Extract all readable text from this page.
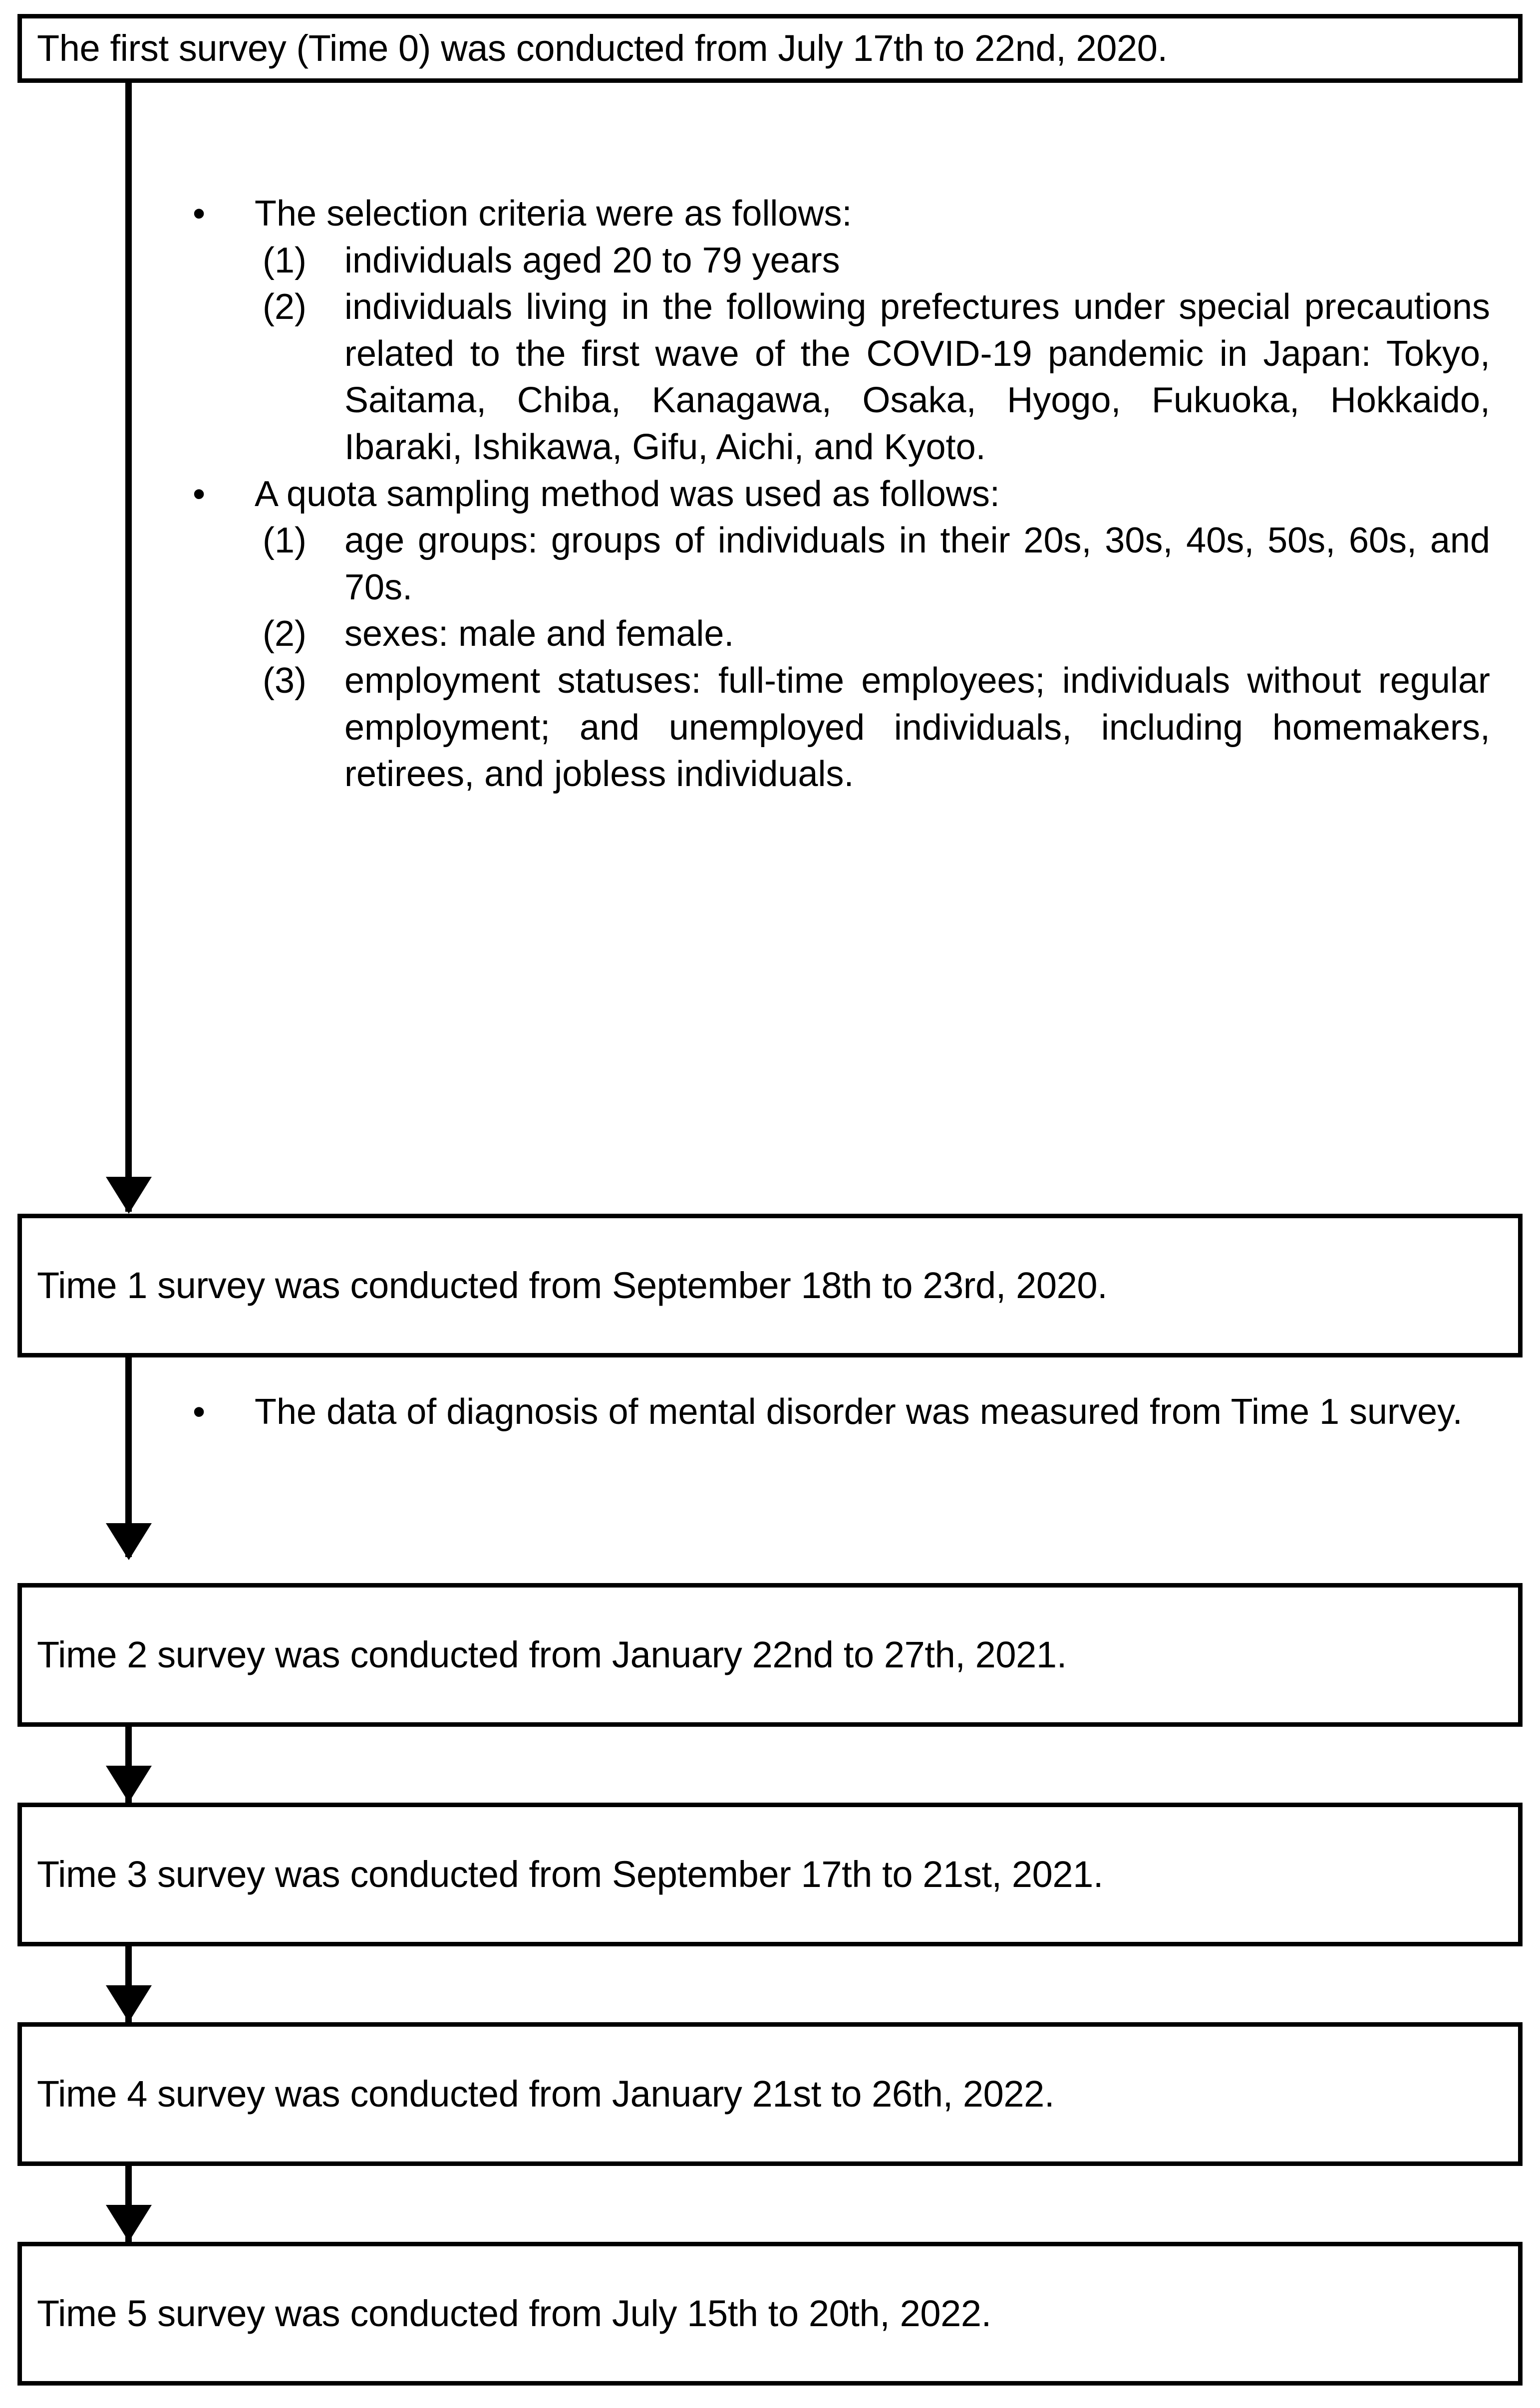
The first survey (Time 0) was conducted from July 17th to 22nd, 2020.
• The selection criteria were as follows:
(1)	individuals aged 20 to 79 years
(2)	individuals living in the following prefectures under special precautions related to the first wave of the COVID-19 pandemic in Japan: Tokyo, Saitama, Chiba, Kanagawa, Osaka, Hyogo, Fukuoka, Hokkaido, Ibaraki, Ishikawa, Gifu, Aichi, and Kyoto.
• A quota sampling method was used as follows:
(1)	age groups: groups of individuals in their 20s, 30s, 40s, 50s, 60s, and 70s.
(2)	sexes: male and female.
(3)	employment statuses: full-time employees; individuals without regular employment; and unemployed individuals, including homemakers, retirees, and jobless individuals.
Time 1 survey was conducted from September 18th to 23rd, 2020.
• The data of diagnosis of mental disorder was measured from Time 1 survey.
Time 2 survey was conducted from January 22nd to 27th, 2021.
Time 3 survey was conducted from September 17th to 21st, 2021.
Time 4 survey was conducted from January 21st to 26th, 2022.
Time 5 survey was conducted from July 15th to 20th, 2022.
